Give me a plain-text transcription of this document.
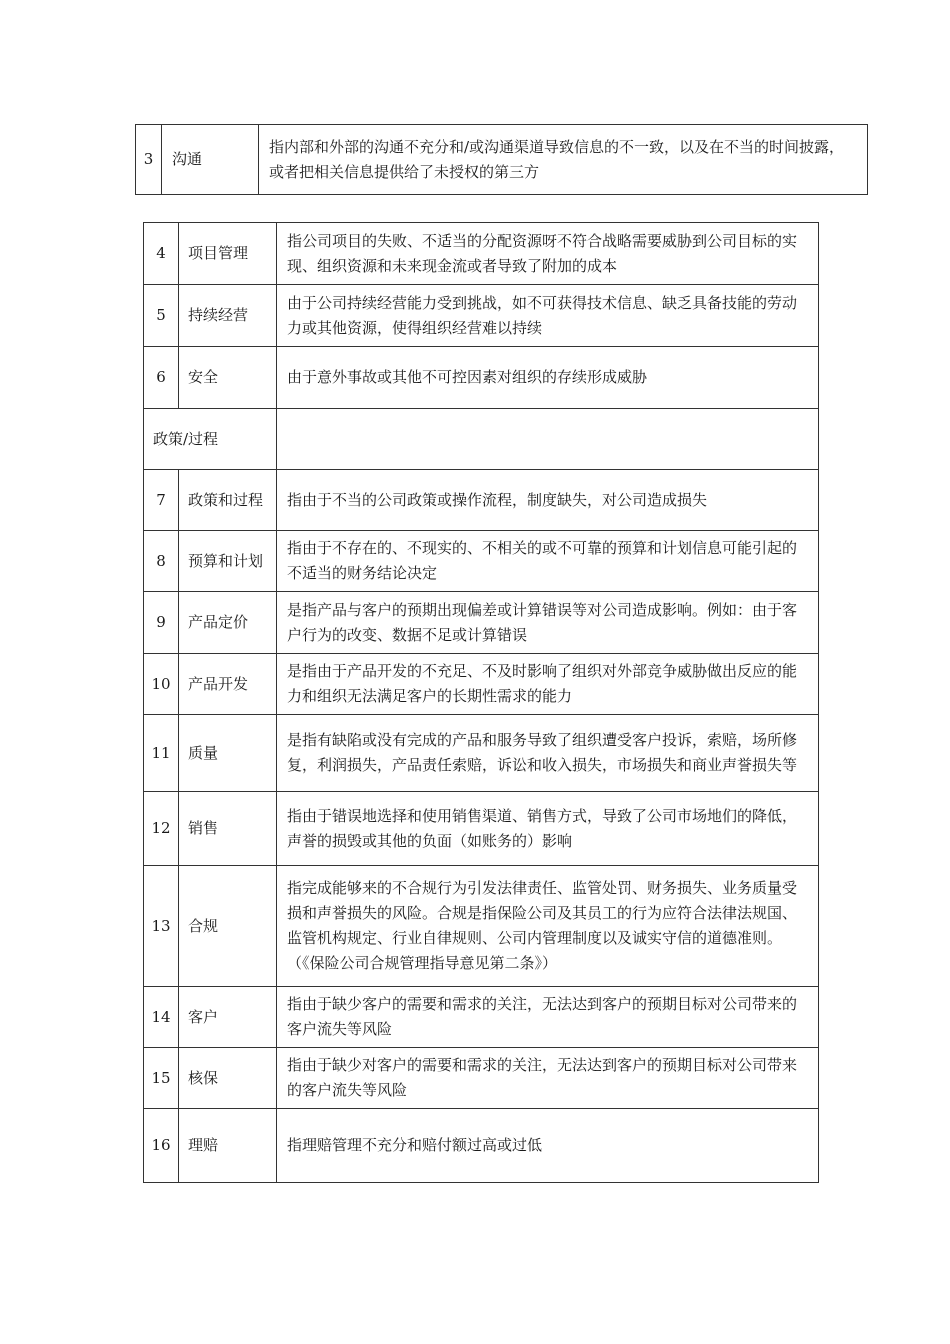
3	沟通	指内部和外部的沟通不充分和/或沟通渠道导致信息的不一致，以及在不当的时间披露，或者把相关信息提供给了未授权的第三方
4	项目管理	指公司项目的失败、不适当的分配资源呀不符合战略需要威胁到公司目标的实现、组织资源和未来现金流或者导致了附加的成本
5	持续经营	由于公司持续经营能力受到挑战，如不可获得技术信息、缺乏具备技能的劳动力或其他资源，使得组织经营难以持续
6	安全	由于意外事故或其他不可控因素对组织的存续形成威胁
政策/过程		
7	政策和过程	指由于不当的公司政策或操作流程，制度缺失，对公司造成损失
8	预算和计划	指由于不存在的、不现实的、不相关的或不可靠的预算和计划信息可能引起的不适当的财务结论决定
9	产品定价	是指产品与客户的预期出现偏差或计算错误等对公司造成影响。例如：由于客户行为的改变、数据不足或计算错误
10	产品开发	是指由于产品开发的不充足、不及时影响了组织对外部竞争威胁做出反应的能力和组织无法满足客户的长期性需求的能力
11	质量	是指有缺陷或没有完成的产品和服务导致了组织遭受客户投诉，索赔，场所修复，利润损失，产品责任索赔，诉讼和收入损失，市场损失和商业声誉损失等
12	销售	指由于错误地选择和使用销售渠道、销售方式，导致了公司市场地们的降低，声誉的损毁或其他的负面（如账务的）影响
13	合规	指完成能够来的不合规行为引发法律责任、监管处罚、财务损失、业务质量受损和声誉损失的风险。合规是指保险公司及其员工的行为应符合法律法规国、监管机构规定、行业自律规则、公司内管理制度以及诚实守信的道德准则。（《保险公司合规管理指导意见第二条》）
14	客户	指由于缺少客户的需要和需求的关注，无法达到客户的预期目标对公司带来的客户流失等风险
15	核保	指由于缺少对客户的需要和需求的关注，无法达到客户的预期目标对公司带来的客户流失等风险
16	理赔	指理赔管理不充分和赔付额过高或过低
